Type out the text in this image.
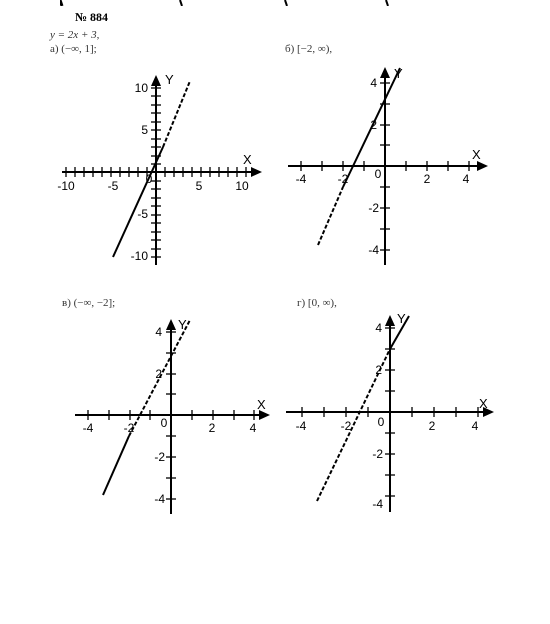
№ 884
y = 2x + 3,
а) (−∞, 1];	б) [−2, ∞),
в) (−∞, −2];	г) [0, ∞),
X
Y
-10	-5 0	5	10
10
5
-5
-10
X
Y
-4	-2 0	2	4
4
2
-2
-4
X
Y
-4	-2 0	2	4
4
2
-2
-4
X
Y
-4	-2 0	2	4
4
2
-2
-4
